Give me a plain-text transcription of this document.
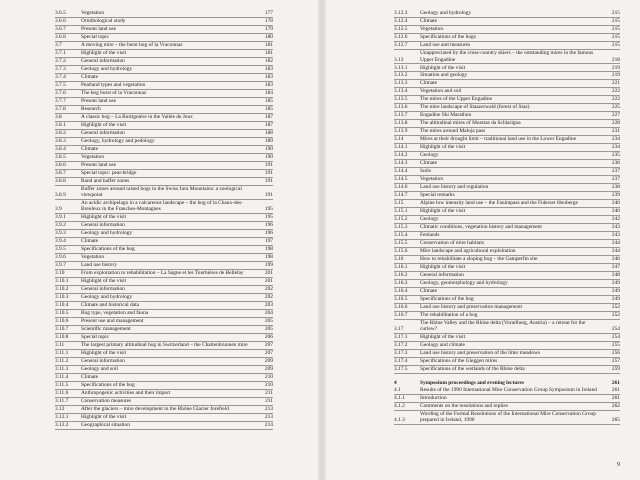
3.6.5	Vegetation	177
3.6.6	Ornithological study	178
3.6.7	Present land use	179
3.6.8	Special topic	180
3.7	A moving mire – the burst bog of la Vraconnaz	181
3.7.1	Highlight of the visit	181
3.7.2	General information	182
3.7.3	Geology and hydrology	183
3.7.4	Climate	183
3.7.5	Peatland types and vegetation	183
3.7.6	The bog burst of la Vraconnaz	184
3.7.7	Present land use	185
3.7.8	Research	185
3.8	A classic bog – La Burtignière in the Vallée de Joux	187
3.8.1	Highlight of the visit	187
3.8.2	General information	188
3.8.3	Geology, hydrology and pedology	189
3.8.4	Climate	190
3.8.5	Vegetation	190
3.8.6	Present land use	191
3.8.7	Special topic: peat-bridge	191
3.8.8	Rand and baffer zones	191
3.8.9
Buffer zones around raised bogs in the Swiss Jura Mountains: a zoological viewpoint	191
3.9
An acidic archipelago in a calcareous landscape – the bog of la Chaux-des-Breuleux in the Franches-Montagnes	195
3.9.1	Highlight of the visit	195
3.9.2	General information	196
3.9.3	Geology and hydrology	196
3.9.4	Climate	197
3.9.5	Specifications of the bog	198
3.9.6	Vegetation	198
3.9.7	Land use history	199
3.10	From exploitation to rehabilitation – La Sagne et les Tourbières de Bellelay	201
3.10.1	Highlight of the visit	201
3.10.2	General information	202
3.10.3	Geology and hydrology	202
3.10.4	Climate and historical data	203
3.10.5	Bog type, vegetation and fauna	204
3.10.6	Present use and management	205
3.10.7	Scientific management	205
3.10.8	Special topic	206
3.11	The largest primary altitudinal bog in Switzerland – the Chaltenbrunnen mire	207
3.11.1	Highlight of the visit	207
3.11.2	General information	209
3.11.3	Geology and soil	209
3.11.4	Climate	210
3.11.5	Specifications of the bog	210
3.11.6	Anthropogenic activities and their impact	211
3.11.7	Conservation measures	211
3.12	After the glaciers – mire development in the Rhône Glacier forefield	213
3.12.1	Highlight of the visit	213
3.12.2	Geographical situation	214
3.12.3	Geology and hydrology	215
3.12.4	Climate	215
3.12.5	Vegetation	215
3.12.6	Specifications of the bogs	215
3.12.7	Land use and measures	215
3.13
Unappreciated by the cross-country skiers – the outstanding mires in the famous Upper Engadine	218
3.13.1	Highlight of the visit	219
3.13.2	Situation and geology	219
3.13.3	Climate	221
3.13.4	Vegetation and soil	222
3.13.5	The mires of the Upper Engadine	222
3.13.6	The mire landscape of Staazerwald (forest of Staz)	225
3.13.7	Engadine Ski Marathon	227
3.13.8	The altitudinal mires of Muottas da Schlarigna	228
3.13.9	The mires around Maloja pass	231
3.14	Mires at their drought limit – traditional land use in the Lower Engadine	234
3.14.1	Highlight of the visit	234
3.14.2	Geology	235
3.14.3	Climate	236
3.14.4	Soils	237
3.14.5	Vegetation	237
3.14.6	Land use history and regulation	238
3.14.7	Special remarks	239
3.15	Alpine low intensity land use – the Fanimpass and the Fiderser Heuberge	240
3.15.1	Highlight of the visit	240
3.15.2	Geology	242
3.15.3	Climatic conditions, vegetation history and management	243
3.15.4	Fenlands	243
3.15.5	Conservation of mire habitats	244
3.15.6	Mire landscape and agricultural exploitation	244
3.16	How to rehabilitate a sloping bog – the Gamperfin site	246
3.16.1	Highlight of the visit	247
3.16.2	General information	248
3.16.3	Geology, geomorphology and hydrology	249
3.16.4	Climate	249
3.16.5	Specifications of the bog	249
3.16.6	Land use history and preservation management	252
3.16.7	The rehabilitation of a bog	252
3.17
The Rhine Valley and the Rhine delta (Vorarlberg, Austria) – a retreat for the curlew?	254
3.17.1	Highlight of the visit	254
3.17.2	Geology and climate	255
3.17.3	Land use history and preservation of the litter meadows	256
3.17.4	Specifications of the Gleggen mires	257
3.17.5	Specifications of the wetlands of the Rhine delta	259
4	Symposium proceedings and evening lectures	261
4.1	Results of the 1990 International Mire Conservation Group Symposium in Ireland	261
4.1.1	Introduction	261
4.1.2	Comments on the resolutions and replies	262
4.1.3
Wording of the Formal Resolutions of the International Mire Conservation Group prepared in Ireland, 1990	265
9
